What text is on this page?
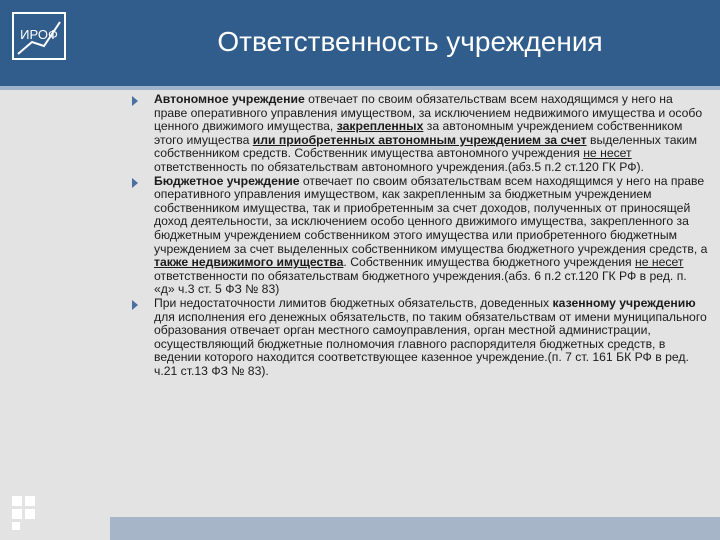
ИРОФ	Ответственность учреждения
Автономное учреждение отвечает по своим обязательствам всем находящимся у него на праве оперативного управления имуществом, за исключением недвижимого имущества и особо ценного движимого имущества, закрепленных за автономным учреждением собственником этого имущества или приобретенных автономным учреждением за счет выделенных таким собственником средств. Собственник имущества автономного учреждения не несет ответственность по обязательствам автономного учреждения.(абз.5 п.2 ст.120 ГК РФ).
Бюджетное учреждение отвечает по своим обязательствам всем находящимся у него на праве оперативного управления имуществом, как закрепленным за бюджетным учреждением собственником имущества, так и приобретенным за счет доходов, полученных от приносящей доход деятельности, за исключением особо ценного движимого имущества, закрепленного за бюджетным учреждением собственником этого имущества или приобретенного бюджетным учреждением за счет выделенных собственником имущества бюджетного учреждения средств, а также недвижимого имущества. Собственник имущества бюджетного учреждения не несет ответственности по обязательствам бюджетного учреждения.(абз. 6 п.2 ст.120 ГК РФ в ред. п. «д» ч.3 ст. 5 ФЗ № 83)
При недостаточности лимитов бюджетных обязательств, доведенных казенному учреждению для исполнения его денежных обязательств, по таким обязательствам от имени муниципального образования отвечает орган местного самоуправления, орган местной администрации, осуществляющий бюджетные полномочия главного распорядителя бюджетных средств, в ведении которого находится соответствующее казенное учреждение.(п. 7 ст. 161 БК РФ в ред. ч.21 ст.13 ФЗ № 83).
